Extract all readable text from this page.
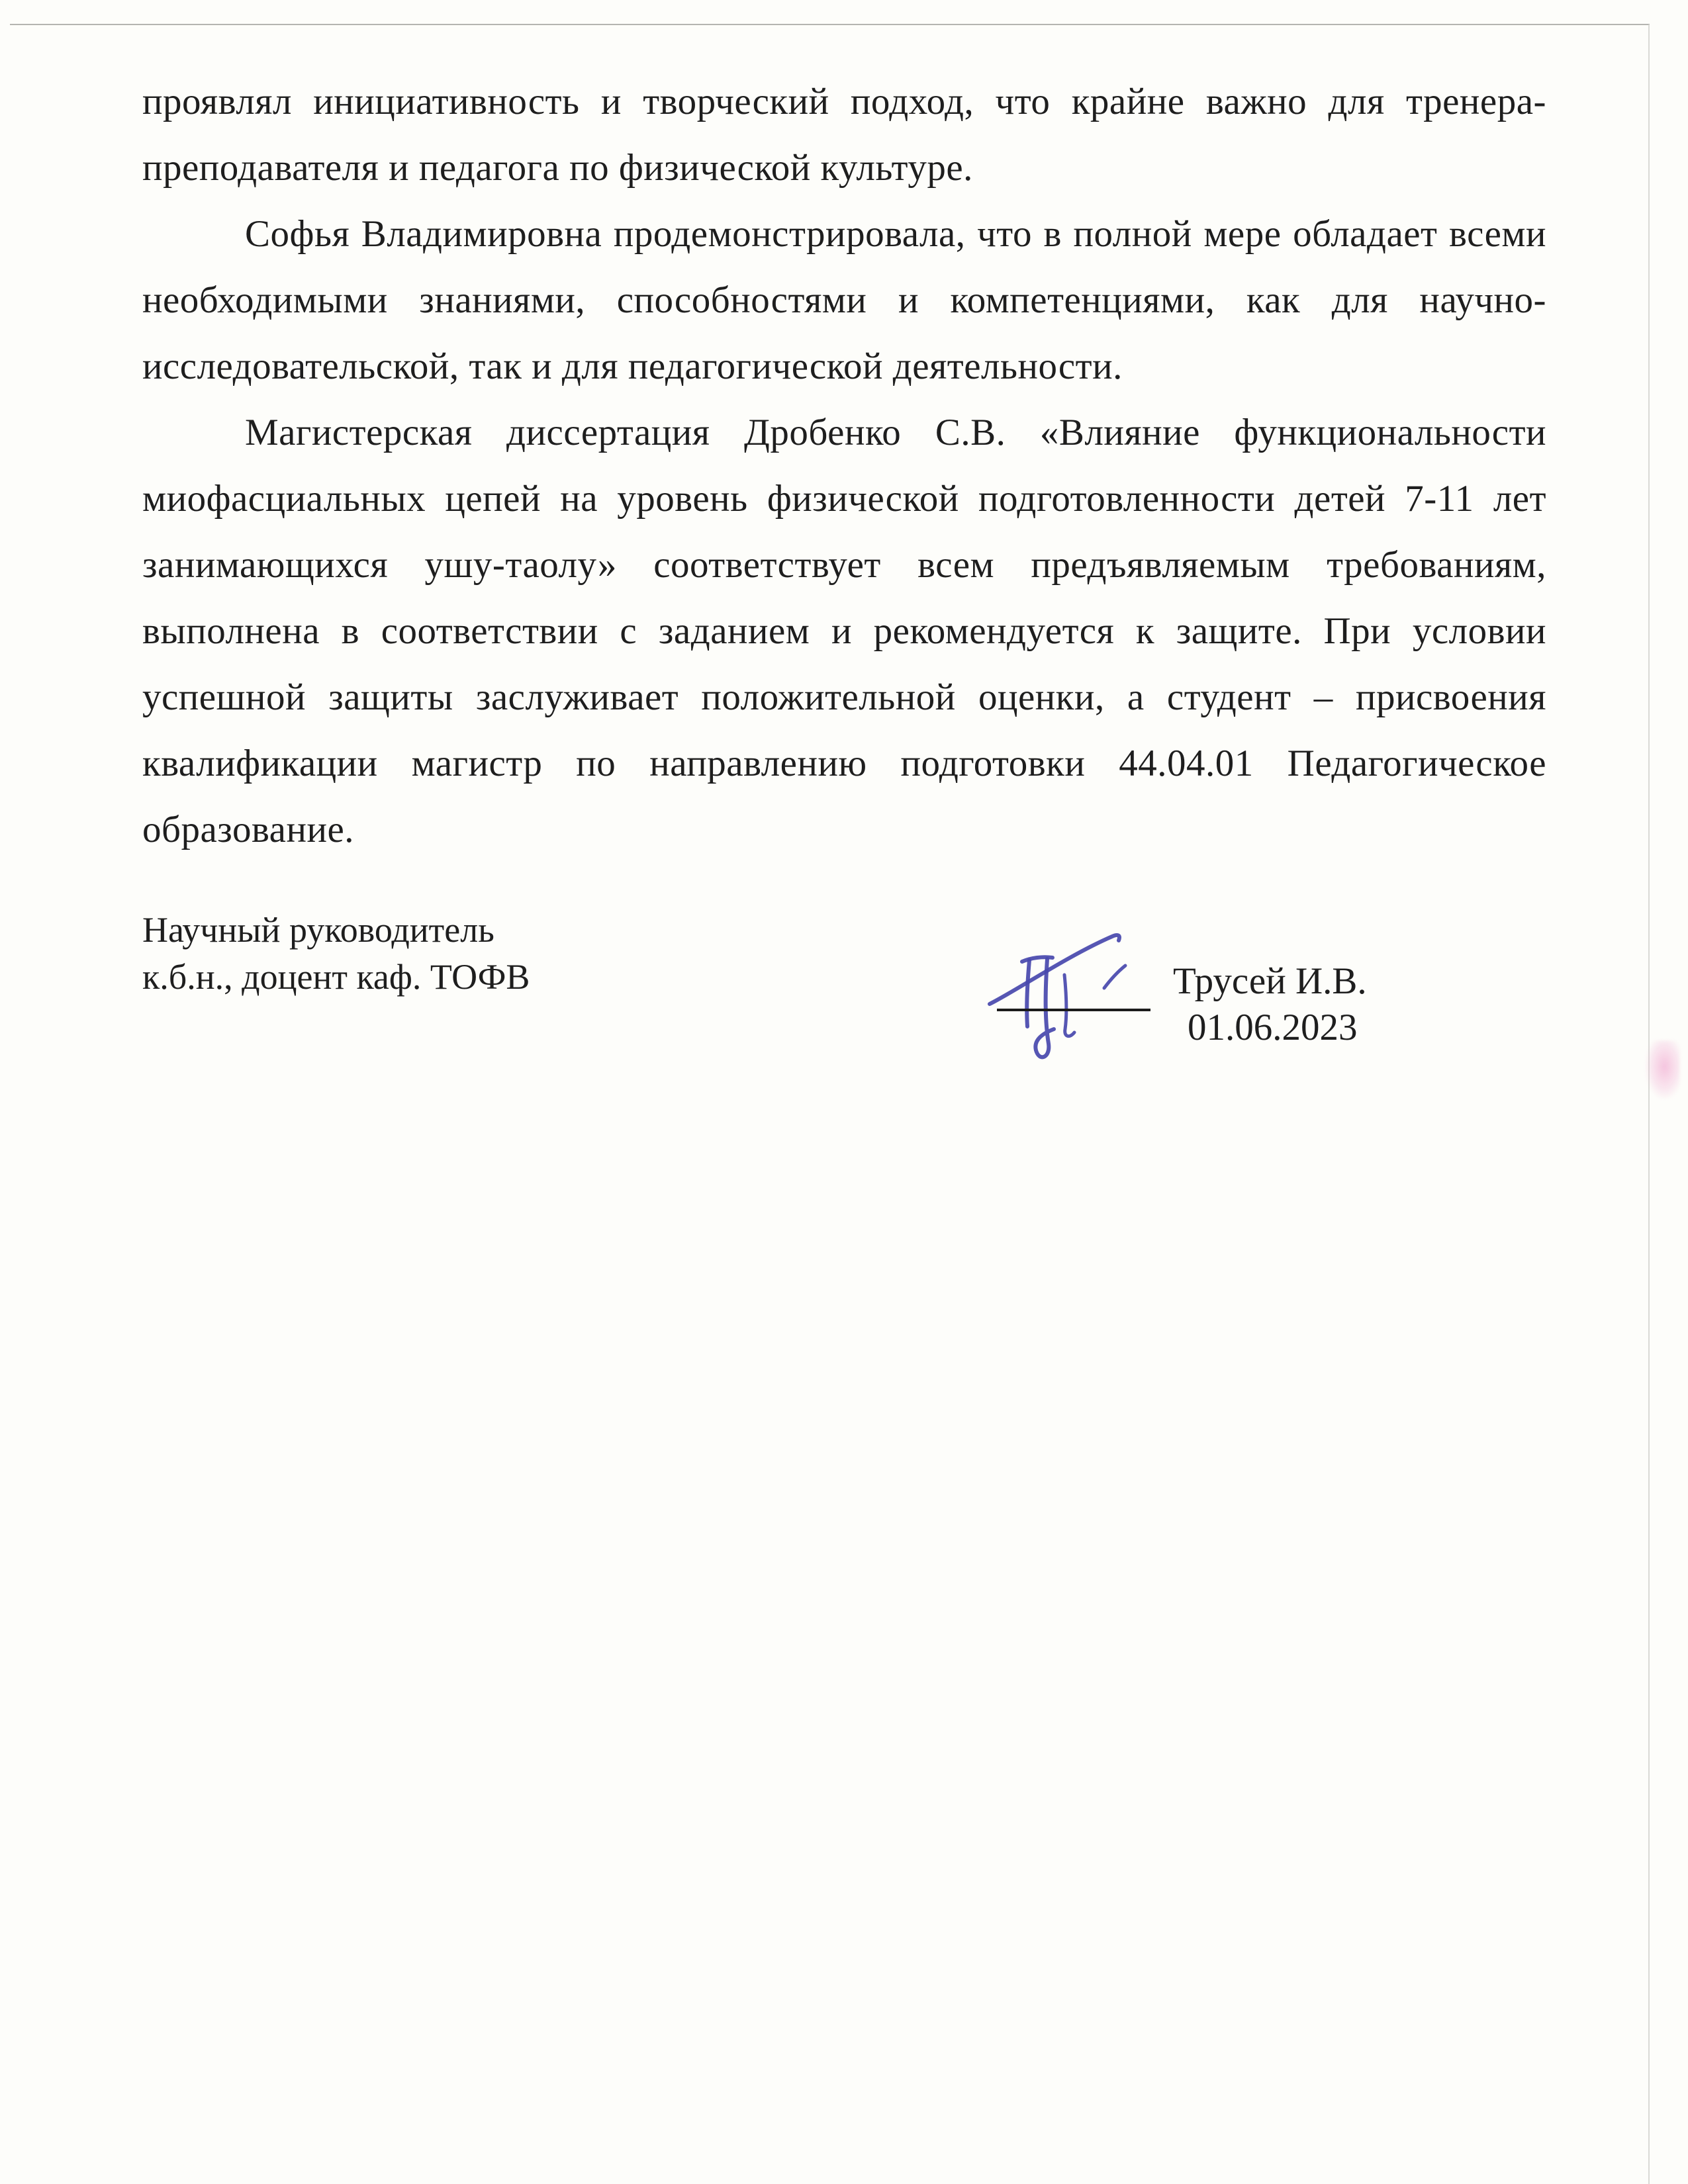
проявлял инициативность и творческий подход, что крайне важно для тренера-
преподавателя и педагога по физической культуре.
Софья Владимировна продемонстрировала, что в полной мере обладает всеми
необходимыми знаниями, способностями и компетенциями, как для научно-
исследовательской, так и для педагогической деятельности.
Магистерская диссертация Дробенко С.В. «Влияние функциональности
миофасциальных цепей на уровень физической подготовленности детей 7-11 лет
занимающихся ушу-таолу» соответствует всем предъявляемым требованиям,
выполнена в соответствии с заданием и рекомендуется к защите. При условии
успешной защиты заслуживает положительной оценки, а студент – присвоения
квалификации магистр по направлению подготовки 44.04.01 Педагогическое
образование.
Научный руководитель
к.б.н., доцент каф. ТОФВ	Трусей И.В.
01.06.2023
